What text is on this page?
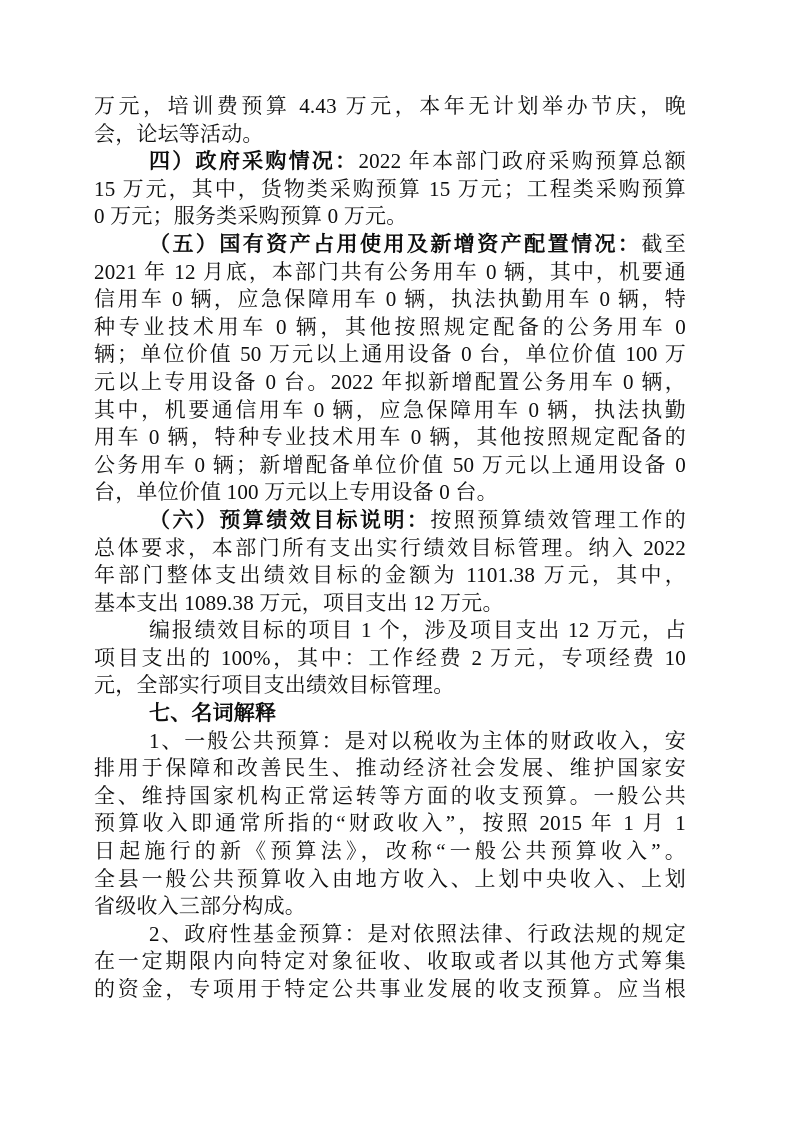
万元，培训费预算 4.43 万元，本年无计划举办节庆，晚
会，论坛等活动。
四）政府采购情况：2022 年本部门政府采购预算总额
15 万元，其中，货物类采购预算 15 万元；工程类采购预算
0 万元；服务类采购预算 0 万元。
（五）国有资产占用使用及新增资产配置情况：截至
2021 年 12 月底，本部门共有公务用车 0 辆，其中，机要通
信用车 0 辆，应急保障用车 0 辆，执法执勤用车 0 辆，特
种专业技术用车 0 辆，其他按照规定配备的公务用车 0
辆；单位价值 50 万元以上通用设备 0 台，单位价值 100 万
元以上专用设备 0 台。2022 年拟新增配置公务用车 0 辆，
其中，机要通信用车 0 辆，应急保障用车 0 辆，执法执勤
用车 0 辆，特种专业技术用车 0 辆，其他按照规定配备的
公务用车 0 辆；新增配备单位价值 50 万元以上通用设备 0
台，单位价值 100 万元以上专用设备 0 台。
（六）预算绩效目标说明：按照预算绩效管理工作的
总体要求，本部门所有支出实行绩效目标管理。纳入 2022
年部门整体支出绩效目标的金额为 1101.38 万元，其中，
基本支出 1089.38 万元，项目支出 12 万元。
编报绩效目标的项目 1 个，涉及项目支出 12 万元，占
项目支出的 100%，其中：工作经费 2 万元，专项经费 10
元，全部实行项目支出绩效目标管理。
七、名词解释
1、一般公共预算：是对以税收为主体的财政收入，安
排用于保障和改善民生、推动经济社会发展、维护国家安
全、维持国家机构正常运转等方面的收支预算。一般公共
预算收入即通常所指的“财政收入”，按照 2015 年 1 月 1
日起施行的新《预算法》，改称“一般公共预算收入”。
全县一般公共预算收入由地方收入、上划中央收入、上划
省级收入三部分构成。
2、政府性基金预算：是对依照法律、行政法规的规定
在一定期限内向特定对象征收、收取或者以其他方式筹集
的资金，专项用于特定公共事业发展的收支预算。应当根
